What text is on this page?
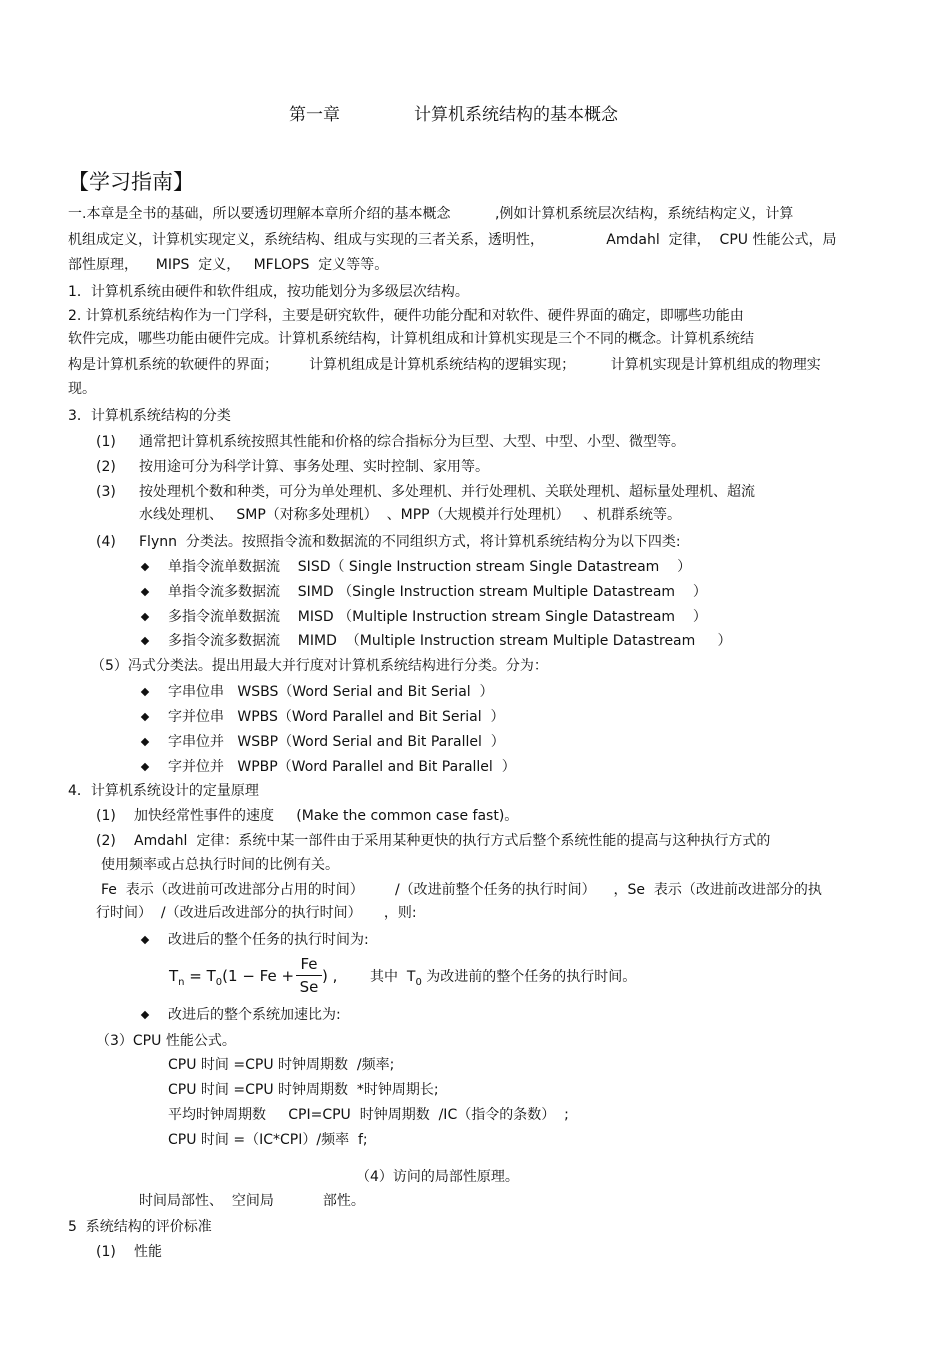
第一章	计算机系统结构的基本概念
【学习指南】
一.本章是全书的基础，所以要透切理解本章所介绍的基本概念          ,例如计算机系统层次结构，系统结构定义，计算
机组成定义，计算机实现定义，系统结构、组成与实现的三者关系，透明性，              Amdahl  定律，  CPU 性能公式，局
部性原理，    MIPS  定义，   MFLOPS  定义等等。
1．计算机系统由硬件和软件组成，按功能划分为多级层次结构。
2. 计算机系统结构作为一门学科，主要是研究软件，硬件功能分配和对软件、硬件界面的确定，即哪些功能由
软件完成，哪些功能由硬件完成。计算机系统结构，计算机组成和计算机实现是三个不同的概念。计算机系统结
构是计算机系统的软硬件的界面；       计算机组成是计算机系统结构的逻辑实现；        计算机实现是计算机组成的物理实
现。
3．计算机系统结构的分类
(1) 通常把计算机系统按照其性能和价格的综合指标分为巨型、大型、中型、小型、微型等。
(2) 按用途可分为科学计算、事务处理、实时控制、家用等。
(3) 按处理机个数和种类，可分为单处理机、多处理机、并行处理机、关联处理机、超标量处理机、超流
水线处理机、   SMP（对称多处理机）  、MPP（大规模并行处理机）   、机群系统等。
(4) Flynn  分类法。按照指令流和数据流的不同组织方式，将计算机系统结构分为以下四类:
单指令流单数据流    SISD（ Single Instruction stream Single Datastream    ）
单指令流多数据流    SIMD （Single Instruction stream Multiple Datastream    ）
多指令流单数据流    MISD （Multiple Instruction stream Single Datastream    ）
多指令流多数据流    MIMD  （Multiple Instruction stream Multiple Datastream     ）
（5）冯式分类法。提出用最大并行度对计算机系统结构进行分类。分为：
字串位串   WSBS（Word Serial and Bit Serial  ）
字并位串   WPBS（Word Parallel and Bit Serial  ）
字串位并   WSBP（Word Serial and Bit Parallel  ）
字并位并   WPBP（Word Parallel and Bit Parallel  ）
4．计算机系统设计的定量原理
(1) 加快经常性事件的速度     (Make the common case fast)。
(2) Amdahl  定律：系统中某一部件由于采用某种更快的执行方式后整个系统性能的提高与这种执行方式的
使用频率或占总执行时间的比例有关。
Fe  表示（改进前可改进部分占用的时间）       /（改进前整个任务的执行时间）    ，Se  表示（改进前改进部分的执
行时间）  /（改进后改进部分的执行时间）     ，则:
改进后的整个任务的执行时间为:
$T_n = T_0(1 - Fe$ +
Fe
Se
) , 其中  $T_0$ 为改进前的整个任务的执行时间。
改进后的整个系统加速比为:
（3）CPU 性能公式。
CPU 时间 =CPU 时钟周期数  /频率;
CPU 时间 =CPU 时钟周期数  *时钟周期长;
平均时钟周期数     CPI=CPU  时钟周期数  /IC（指令的条数）  ;
CPU 时间 =（IC*CPI）/频率  f;
（4）访问的局部性原理。
时间局部性、  空间局           部性。
5  系统结构的评价标准
(1) 性能
